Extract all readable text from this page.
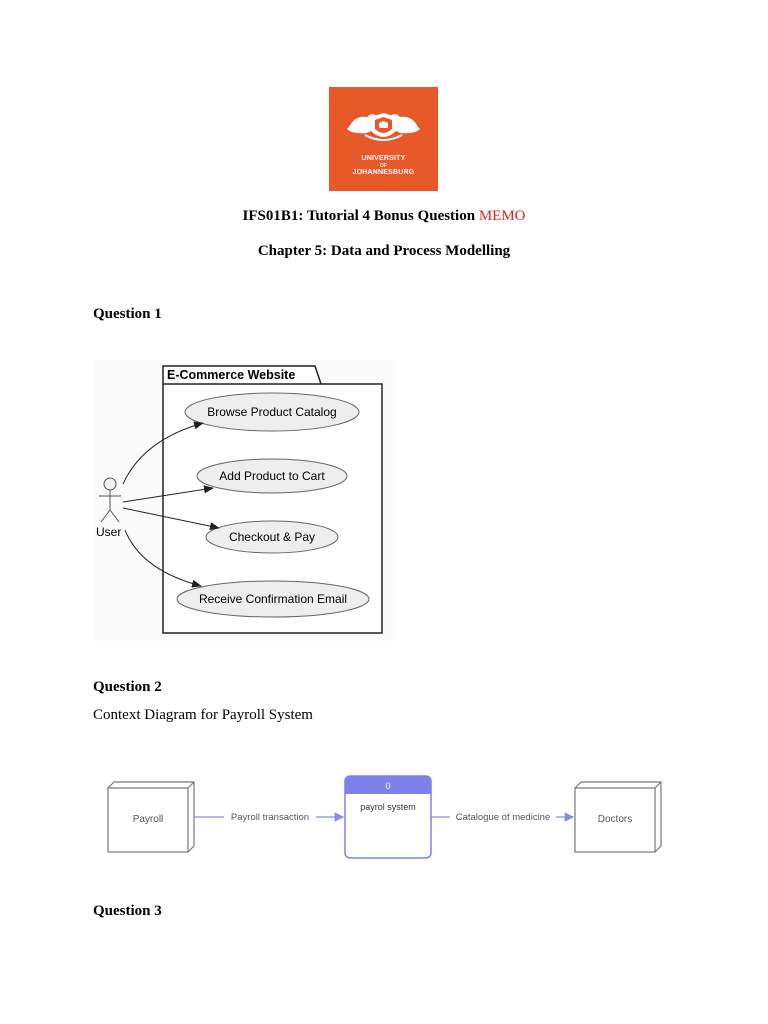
UNIVERSITY
OF
JOHANNESBURG
IFS01B1: Tutorial 4 Bonus Question MEMO
Chapter 5: Data and Process Modelling
Question 1
E-Commerce Website
Browse Product Catalog
Add Product to Cart
Checkout & Pay
Receive Confirmation Email
User
Question 2
Context Diagram for Payroll System
Payroll	Payroll transaction
0
payrol system
Catalogue of medicine	Doctors
Question 3
